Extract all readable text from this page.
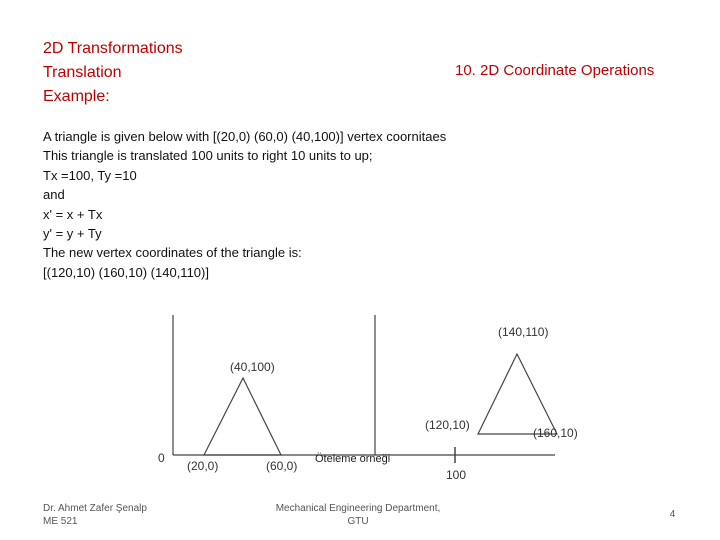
2D Transformations
Translation
Example:
10. 2D Coordinate Operations
A triangle is given below with [(20,0) (60,0) (40,100)] vertex coornitaes
This triangle is translated 100 units to right 10 units to up;
Tx =100, Ty =10
and
x' = x + Tx
y' = y + Ty
The new vertex coordinates of the triangle is:
[(120,10) (160,10) (140,110)]
0
100
(20,0)	(60,0)
(40,100)
(120,10)
(160,10)
(140,110)
Öteleme örneği
Dr. Ahmet Zafer Şenalp
ME 521
Mechanical Engineering Department,
GTU
4
